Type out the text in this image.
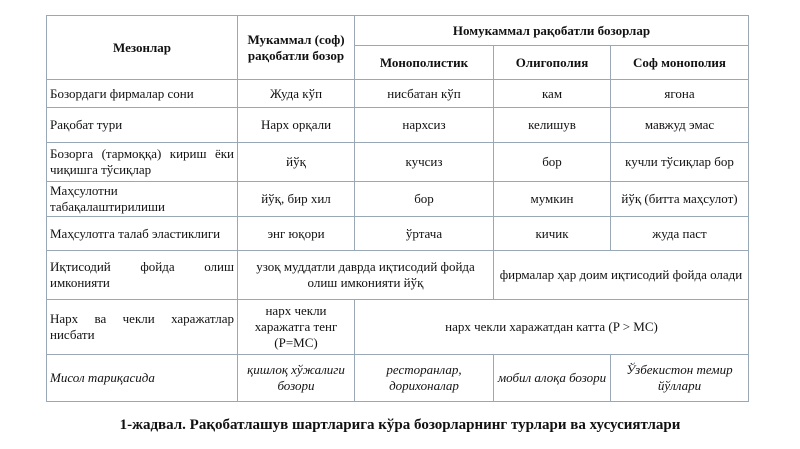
Мезонлар	Мукаммал (соф) рақобатли бозор	Номукаммал рақобатли бозорлар		
		Монополистик	Олигополия	Соф монополия
Бозордаги фирмалар сони	Жуда кўп	нисбатан кўп	кам	ягона
Рақобат тури	Нарх орқали	нархсиз	келишув	мавжуд эмас
Бозорга (тармоққа) кириш ёки чиқишга тўсиқлар	йўқ	кучсиз	бор	кучли тўсиқлар бор
Маҳсулотни табақалаштирилиши	йўқ, бир хил	бор	мумкин	йўқ (битта маҳсулот)
Маҳсулотга талаб эластиклиги	энг юқори	ўртача	кичик	жуда паст
Иқтисодий фойда олиш имконияти	узоқ муддатли даврда иқтисодий фойда олиш имконияти йўқ		фирмалар ҳар доим иқтисодий фойда олади	
Нарх ва чекли харажатлар нисбати	нарх чекли харажатга тенг (P=MC)	нарх чекли харажатдан катта (P > MC)		
Мисол тариқасида	қишлоқ хўжалиги бозори	ресторанлар, дорихоналар	мобил алоқа бозори	Ўзбекистон темир йўллари
1-жадвал. Рақобатлашув шартларига кўра бозорларнинг турлари ва хусусиятлари
